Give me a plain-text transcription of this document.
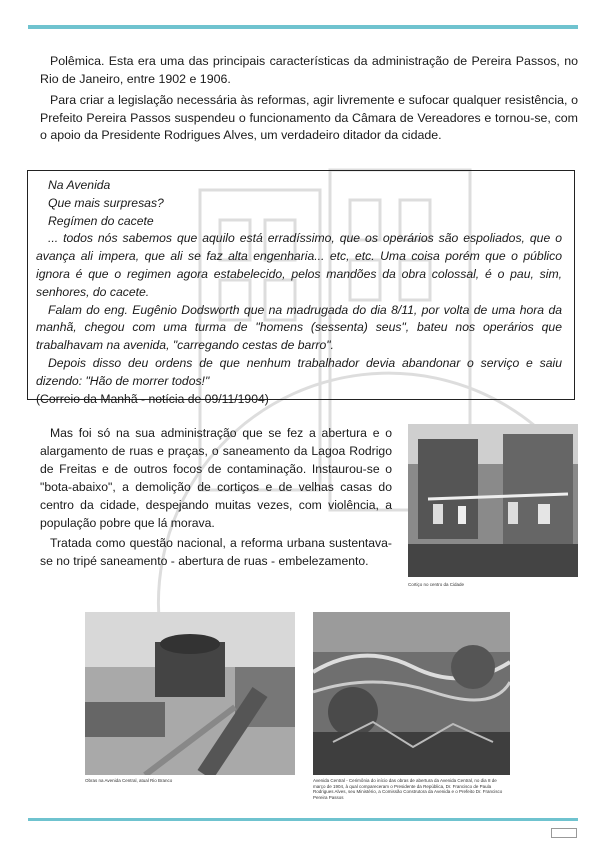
Polêmica. Esta era uma das principais características da administração de Pereira Passos, no Rio de Janeiro, entre 1902 e 1906.

Para criar a legislação necessária às reformas, agir livremente e sufocar qualquer resistência, o Prefeito Pereira Passos suspendeu o funcionamento da Câmara de Vereadores e tornou-se, com o apoio da Presidente Rodrigues Alves, um verdadeiro ditador da cidade.

Na Avenida

Que mais surpresas?

Regímen do cacete

... todos nós sabemos que aquilo está erradíssimo, que os operários são espoliados, que o avança ali impera, que ali se faz alta engenharia... etc, etc. Uma coisa porém que o público ignora é que o regimen agora estabelecido, pelos mandões da obra colossal, é o pau, sim, senhores, do cacete.

Falam do eng. Eugênio Dodsworth que na madrugada do dia 8/11, por volta de uma hora da manhã, chegou com uma turma de "homens (sessenta) seus", bateu nos operários que trabalhavam na avenida, "carregando cestas de barro".

Depois disso deu ordens de que nenhum trabalhador devia abandonar o serviço e saiu dizendo: "Hão de morrer todos!"

(Correio da Manhã - notícia de 09/11/1904)

Mas foi só na sua administração que se fez a abertura e o alargamento de ruas e praças, o saneamento da Lagoa Rodrigo de Freitas e de outros focos de contaminação. Instaurou-se o "bota-abaixo", a demolição de cortiços e de velhas casas do centro da cidade, despejando muitas vezes, com violência, a população pobre que lá morava.

Tratada como questão nacional, a reforma urbana sustentava-se no tripé saneamento - abertura de ruas - embelezamento.

Cortiço no centro da Cidade
Obras na Avenida Central, atual Rio Branco	Avenida Central - Cerimônia do início das obras de abertura da Avenida Central, no dia 8 de março de 1904, à qual compareceram o Presidente da República, Dr. Francisco de Paula Rodrigues Alves, seu Ministério, a Comissão Construtora da Avenida e o Prefeito Dr. Francisco Pereira Passos
